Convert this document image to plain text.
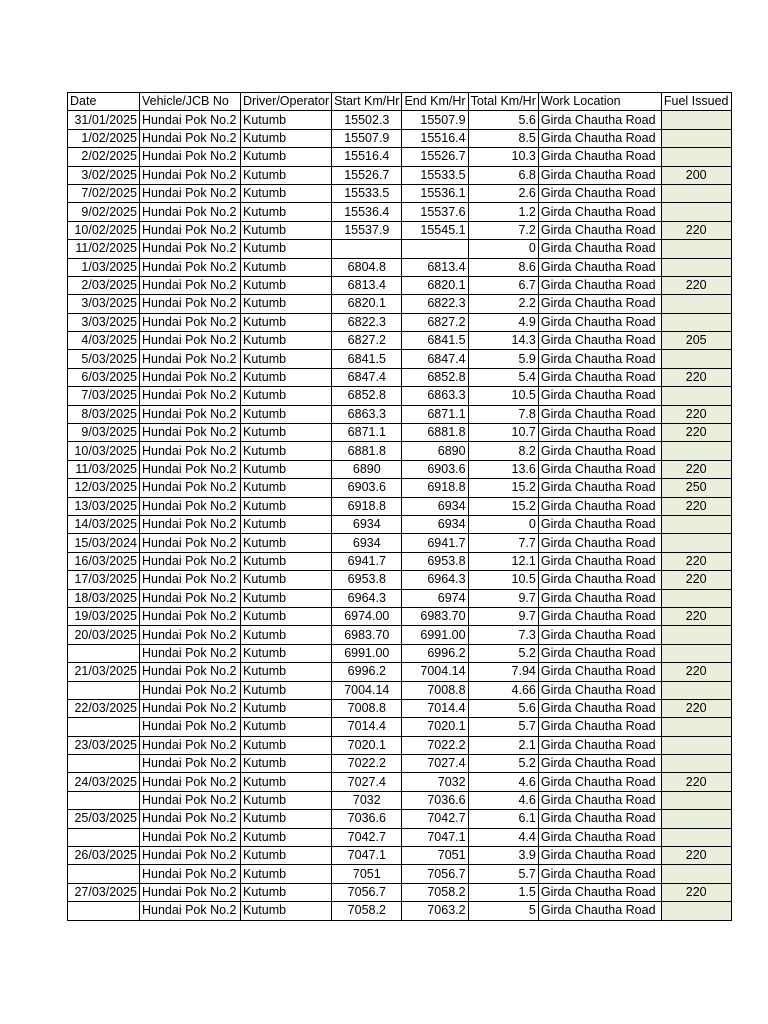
Date	Vehicle/JCB No	Driver/Operator	Start Km/Hr	End Km/Hr	Total Km/Hr	Work Location	Fuel Issued
31/01/2025	Hundai Pok No.2	Kutumb	15502.3	15507.9	5.6	Girda Chautha Road	
1/02/2025	Hundai Pok No.2	Kutumb	15507.9	15516.4	8.5	Girda Chautha Road	
2/02/2025	Hundai Pok No.2	Kutumb	15516.4	15526.7	10.3	Girda Chautha Road	
3/02/2025	Hundai Pok No.2	Kutumb	15526.7	15533.5	6.8	Girda Chautha Road	200
7/02/2025	Hundai Pok No.2	Kutumb	15533.5	15536.1	2.6	Girda Chautha Road	
9/02/2025	Hundai Pok No.2	Kutumb	15536.4	15537.6	1.2	Girda Chautha Road	
10/02/2025	Hundai Pok No.2	Kutumb	15537.9	15545.1	7.2	Girda Chautha Road	220
11/02/2025	Hundai Pok No.2	Kutumb			0	Girda Chautha Road	
1/03/2025	Hundai Pok No.2	Kutumb	6804.8	6813.4	8.6	Girda Chautha Road	
2/03/2025	Hundai Pok No.2	Kutumb	6813.4	6820.1	6.7	Girda Chautha Road	220
3/03/2025	Hundai Pok No.2	Kutumb	6820.1	6822.3	2.2	Girda Chautha Road	
3/03/2025	Hundai Pok No.2	Kutumb	6822.3	6827.2	4.9	Girda Chautha Road	
4/03/2025	Hundai Pok No.2	Kutumb	6827.2	6841.5	14.3	Girda Chautha Road	205
5/03/2025	Hundai Pok No.2	Kutumb	6841.5	6847.4	5.9	Girda Chautha Road	
6/03/2025	Hundai Pok No.2	Kutumb	6847.4	6852.8	5.4	Girda Chautha Road	220
7/03/2025	Hundai Pok No.2	Kutumb	6852.8	6863.3	10.5	Girda Chautha Road	
8/03/2025	Hundai Pok No.2	Kutumb	6863.3	6871.1	7.8	Girda Chautha Road	220
9/03/2025	Hundai Pok No.2	Kutumb	6871.1	6881.8	10.7	Girda Chautha Road	220
10/03/2025	Hundai Pok No.2	Kutumb	6881.8	6890	8.2	Girda Chautha Road	
11/03/2025	Hundai Pok No.2	Kutumb	6890	6903.6	13.6	Girda Chautha Road	220
12/03/2025	Hundai Pok No.2	Kutumb	6903.6	6918.8	15.2	Girda Chautha Road	250
13/03/2025	Hundai Pok No.2	Kutumb	6918.8	6934	15.2	Girda Chautha Road	220
14/03/2025	Hundai Pok No.2	Kutumb	6934	6934	0	Girda Chautha Road	
15/03/2024	Hundai Pok No.2	Kutumb	6934	6941.7	7.7	Girda Chautha Road	
16/03/2025	Hundai Pok No.2	Kutumb	6941.7	6953.8	12.1	Girda Chautha Road	220
17/03/2025	Hundai Pok No.2	Kutumb	6953.8	6964.3	10.5	Girda Chautha Road	220
18/03/2025	Hundai Pok No.2	Kutumb	6964.3	6974	9.7	Girda Chautha Road	
19/03/2025	Hundai Pok No.2	Kutumb	6974.00	6983.70	9.7	Girda Chautha Road	220
20/03/2025	Hundai Pok No.2	Kutumb	6983.70	6991.00	7.3	Girda Chautha Road	
	Hundai Pok No.2	Kutumb	6991.00	6996.2	5.2	Girda Chautha Road	
21/03/2025	Hundai Pok No.2	Kutumb	6996.2	7004.14	7.94	Girda Chautha Road	220
	Hundai Pok No.2	Kutumb	7004.14	7008.8	4.66	Girda Chautha Road	
22/03/2025	Hundai Pok No.2	Kutumb	7008.8	7014.4	5.6	Girda Chautha Road	220
	Hundai Pok No.2	Kutumb	7014.4	7020.1	5.7	Girda Chautha Road	
23/03/2025	Hundai Pok No.2	Kutumb	7020.1	7022.2	2.1	Girda Chautha Road	
	Hundai Pok No.2	Kutumb	7022.2	7027.4	5.2	Girda Chautha Road	
24/03/2025	Hundai Pok No.2	Kutumb	7027.4	7032	4.6	Girda Chautha Road	220
	Hundai Pok No.2	Kutumb	7032	7036.6	4.6	Girda Chautha Road	
25/03/2025	Hundai Pok No.2	Kutumb	7036.6	7042.7	6.1	Girda Chautha Road	
	Hundai Pok No.2	Kutumb	7042.7	7047.1	4.4	Girda Chautha Road	
26/03/2025	Hundai Pok No.2	Kutumb	7047.1	7051	3.9	Girda Chautha Road	220
	Hundai Pok No.2	Kutumb	7051	7056.7	5.7	Girda Chautha Road	
27/03/2025	Hundai Pok No.2	Kutumb	7056.7	7058.2	1.5	Girda Chautha Road	220
	Hundai Pok No.2	Kutumb	7058.2	7063.2	5	Girda Chautha Road	
